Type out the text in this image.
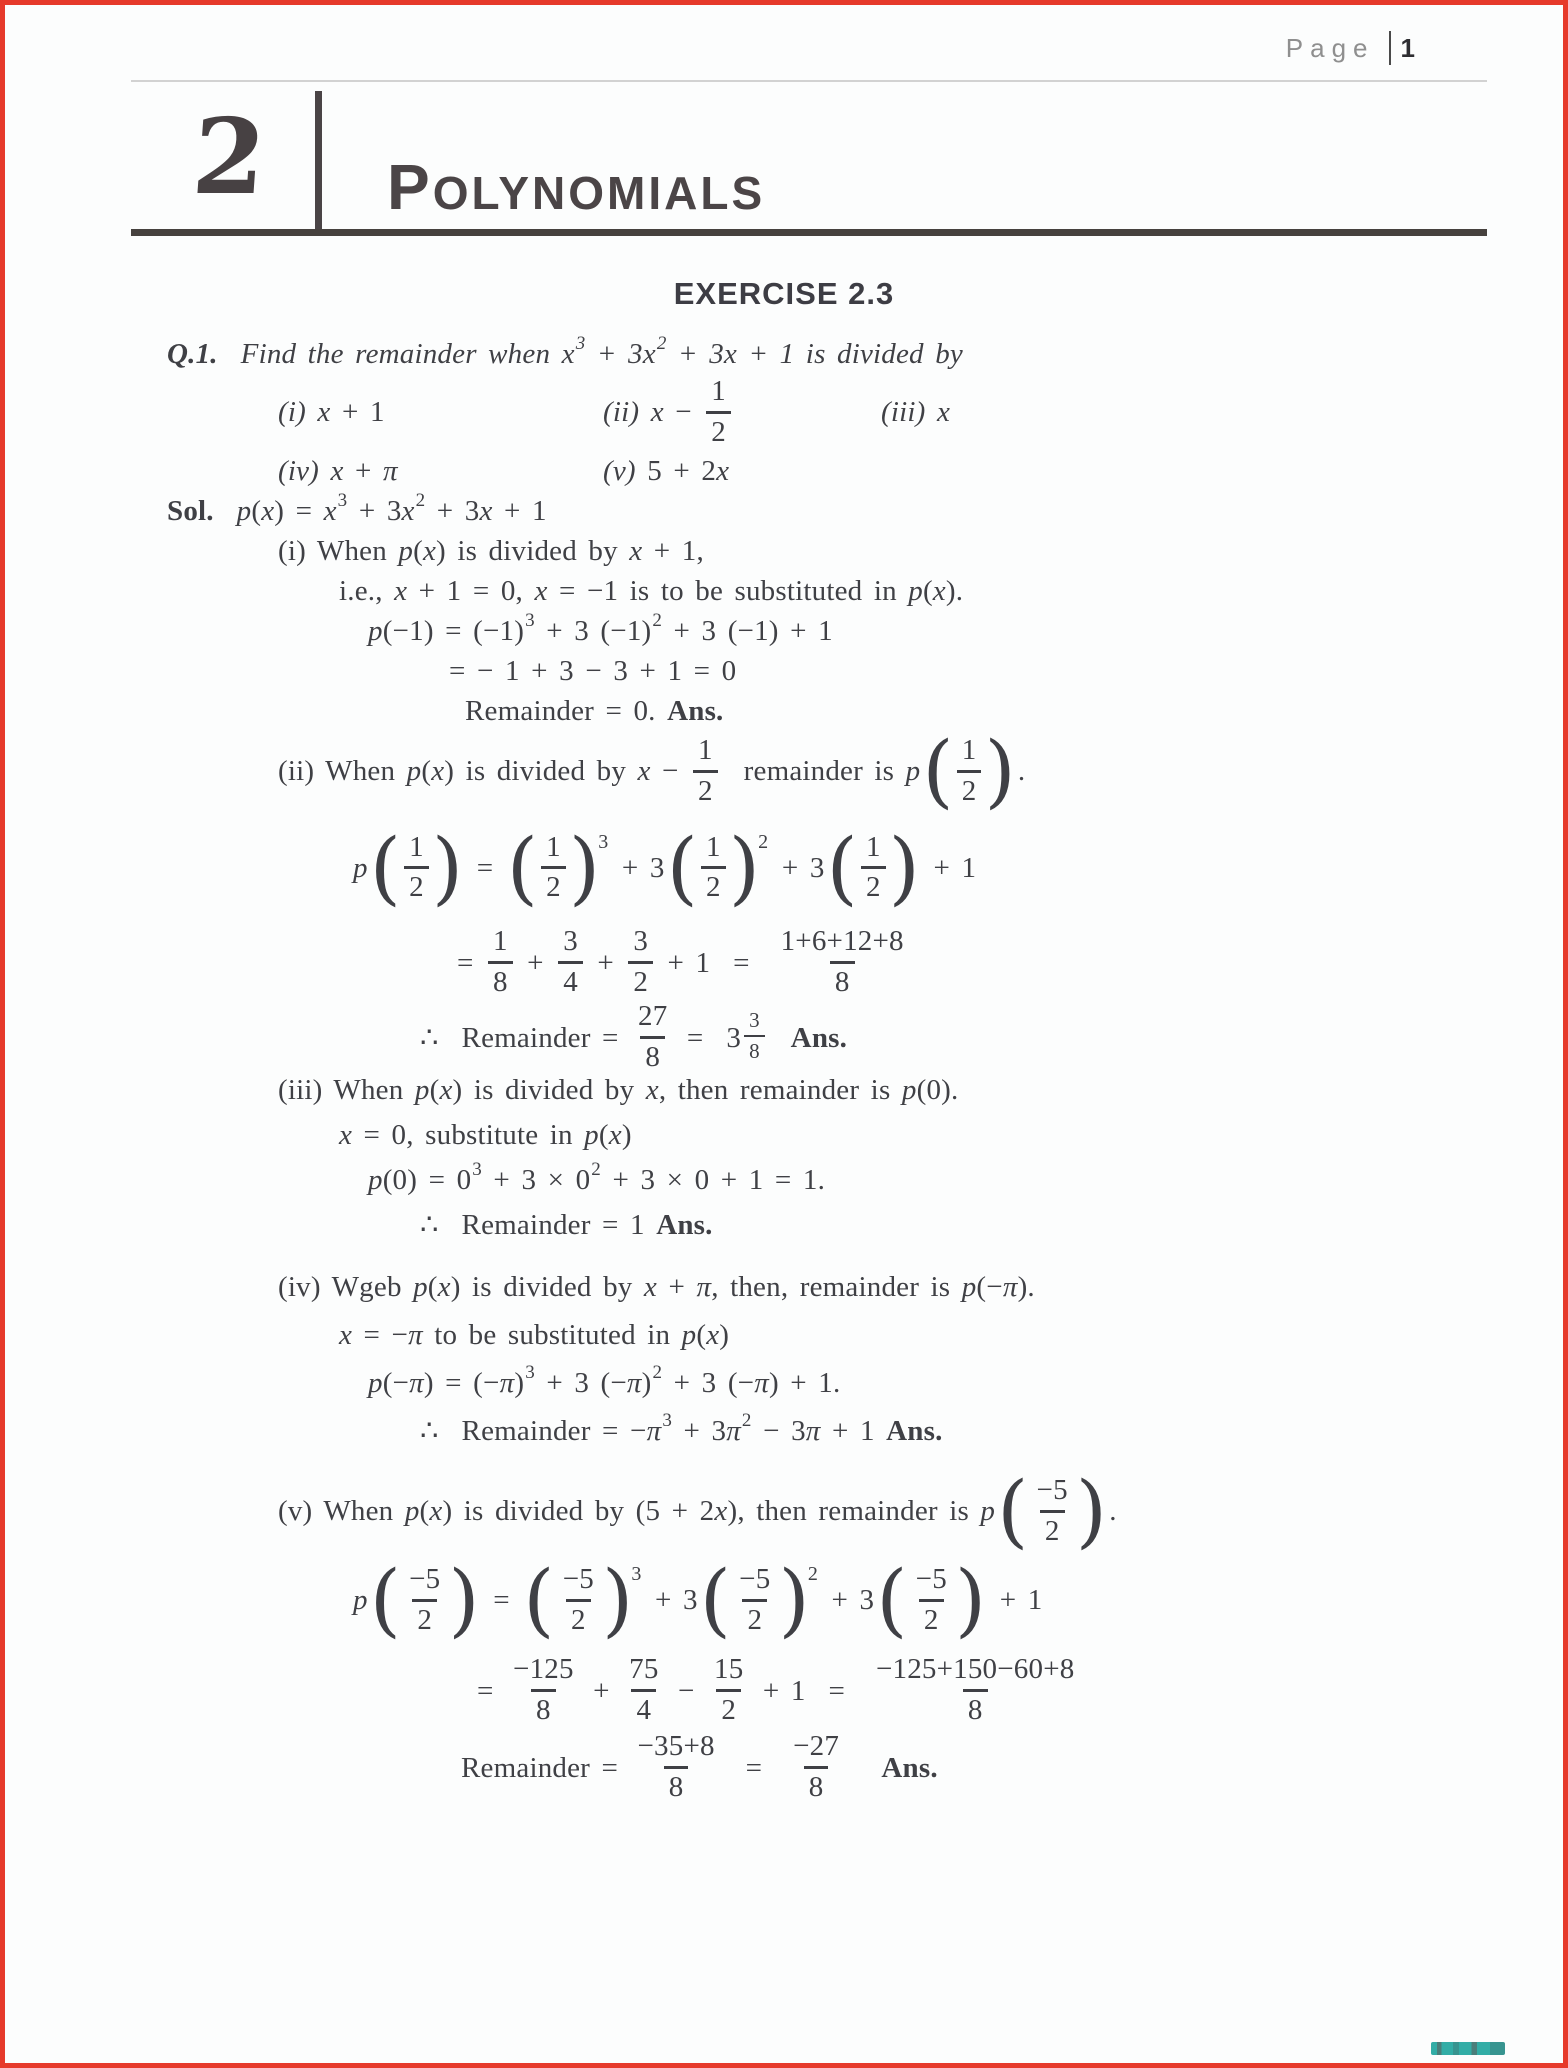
Page 1
2	POLYNOMIALS
EXERCISE 2.3
Q.1. Find the remainder when $x^3 + 3x^2 + 3x + 1$ is divided by
(i) x + 1	(ii) $x - \frac{1}{2}$	(iii) x
(iv) x + π	(v) 5 + 2 x
Sol. p ( x ) = $x^3 + 3$ $x^2 + 3$ x + 1
(i) When p ( x ) is divided by x + 1,
i.e., x + 1 = 0, x = −1 is to be substituted in p ( x ).
p $(-1) = (-1)^3 + 3$ $(-1)^2 + 3$ (−1) + 1
= − 1 + 3 − 3 + 1 = 0
Remainder = 0. Ans.
(ii) When p ( x ) is divided by $x - \frac{1}{2}$ remainder is p ( 1
2 ) .
p ( 1
2 ) = ( 1
2 )
3
+ 3 ( 1
2 )
2
+ 3 ( 1
2 ) + 1
= $\frac{1}{8} + \frac{3}{4} + \frac{3}{2} + 1 = \frac{1+6+12+8}{8}$
∴  Remainder = $\frac{27}{8} = 3$
3
8
Ans.
(iii) When p ( x ) is divided by x , then remainder is p (0).
x = 0, substitute in p ( x )
p $(0) = 0^3 + 3 \times 0^2 + 3 \times 0 + 1 = 1$.
∴  Remainder = 1 Ans.
(iv) Wgeb p ( x ) is divided by x + π , then, remainder is p (− π ).
x = − π to be substituted in p ( x )
p (− π ) = (− π )$^3$ + 3 (− π )$^2$ + 3 (− π ) + 1.
∴  Remainder = − $\pi^3 + 3$ $\pi^2 - 3$ π + 1 Ans.
(v) When p ( x ) is divided by (5 + 2 x ), then remainder is p ( −5
2 ) .
p ( −5
2 ) = ( −5
2 )
3
+ 3 ( −5
2 )
2
+ 3 ( −5
2 ) + 1
= $\frac{-125}{8} + \frac{75}{4} - \frac{15}{2} + 1 = \frac{-125+150-60+8}{8}$
Remainder = $\frac{-35+8}{8} = \frac{-27}{8}$
Ans.
